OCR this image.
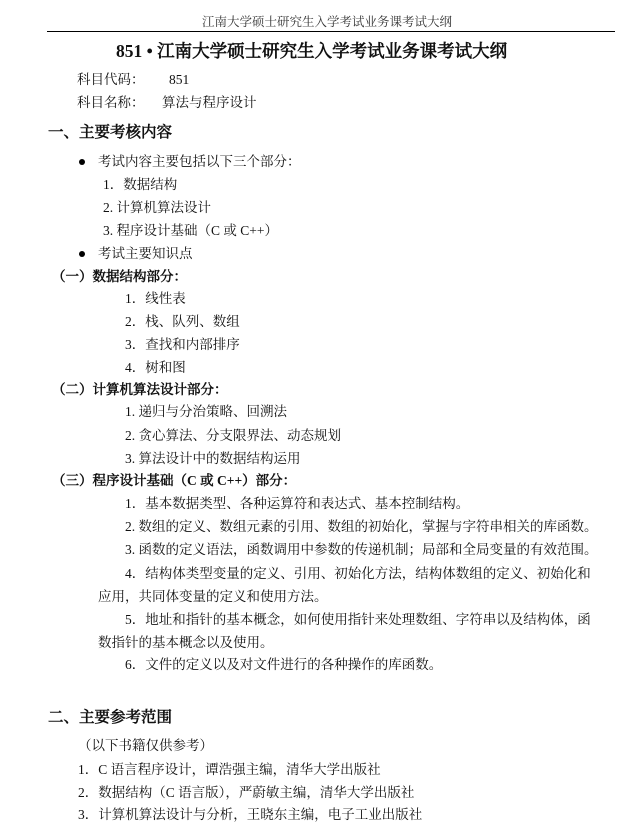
江南大学硕士研究生入学考试业务课考试大纲
851 • 江南大学硕士研究生入学考试业务课考试大纲
科目代码： 851
科目名称： 算法与程序设计
一、主要考核内容
考试内容主要包括以下三个部分：
1．数据结构
2. 计算机算法设计
3. 程序设计基础（C 或 C++）
考试主要知识点
（一）数据结构部分：
1．线性表
2．栈、队列、数组
3．查找和内部排序
4．树和图
（二）计算机算法设计部分：
1. 递归与分治策略、回溯法
2. 贪心算法、分支限界法、动态规划
3. 算法设计中的数据结构运用
（三）程序设计基础（C 或 C++）部分：
1．基本数据类型、各种运算符和表达式、基本控制结构。
2. 数组的定义、数组元素的引用、数组的初始化，掌握与字符串相关的库函数。
3. 函数的定义语法，函数调用中参数的传递机制；局部和全局变量的有效范围。
4．结构体类型变量的定义、引用、初始化方法，结构体数组的定义、初始化和
应用，共同体变量的定义和使用方法。
5．地址和指针的基本概念，如何使用指针来处理数组、字符串以及结构体，函
数指针的基本概念以及使用。
6．文件的定义以及对文件进行的各种操作的库函数。
二、主要参考范围
（以下书籍仅供参考）
1．C 语言程序设计，谭浩强主编，清华大学出版社
2．数据结构（C 语言版），严蔚敏主编，清华大学出版社
3．计算机算法设计与分析，王晓东主编，电子工业出版社
